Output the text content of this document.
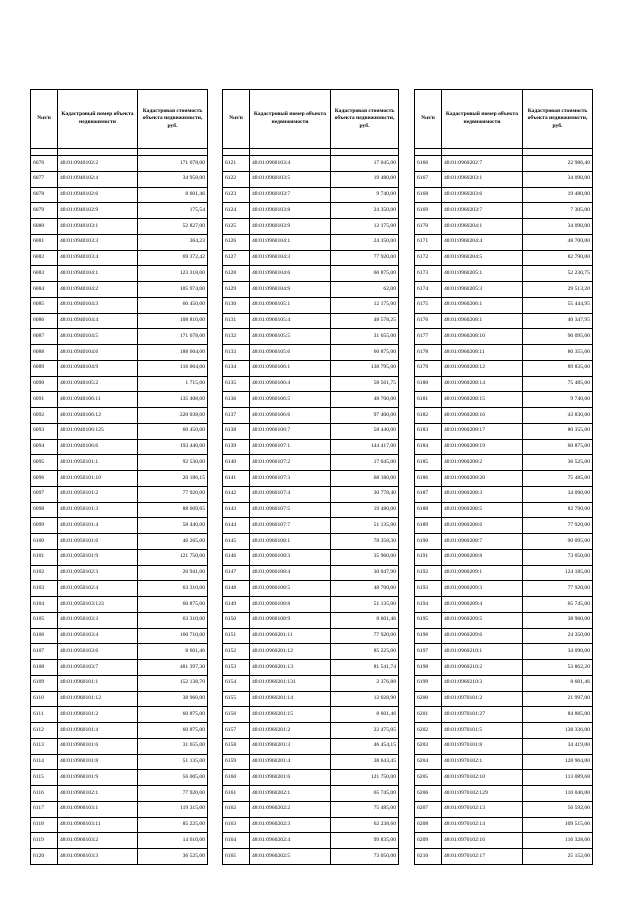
№п/п	Кадастровый номер объекта недвижимости	Кадастровая стоимость объекта недвижимости, руб.

6076	48:01:0940102:2	171 678,00
6077	48:01:0940102:4	34 958,00
6078	48:01:0940102:6	8 601,46
6079	48:01:0940102:9	175,54
6080	48:01:0940103:1	52 827,00
6081	48:01:0940103:3	364,23
6082	48:01:0940103:4	69 372,42
6083	48:01:0940104:1	123 318,00
6084	48:01:0940104:2	105 974,00
6085	48:01:0940104:3	60 450,00
6086	48:01:0940104:4	108 810,00
6087	48:01:0940104:5	171 678,00
6088	48:01:0940104:6	188 604,00
6089	48:01:0940104:9	116 064,00
6090	48:01:0940105:2	1 715,00
6091	48:01:0940106:11	135 408,00
6092	48:01:0940106:12	220 038,00
6093	48:01:0940106:125	60 450,00
6094	48:01:0940106:6	193 440,00
6095	48:01:0950101:1	92 530,00
6096	48:01:0950101:10	20 186,15
6097	48:01:0950101:2	77 920,00
6098	48:01:0950101:3	88 609,65
6099	48:01:0950101:4	58 440,00
6100	48:01:0950101:6	46 265,00
6101	48:01:0950101:9	121 750,00
6102	48:01:0950102:3	20 941,00
6103	48:01:0950102:4	63 310,00
6104	48:01:0950103:123	60 875,00
6105	48:01:0950103:3	63 310,00
6106	48:01:0950103:4	160 710,00
6107	48:01:0950103:6	8 601,46
6108	48:01:0950103:7	481 397,30
6109	48:01:0960101:1	152 138,70
6110	48:01:0960101:12	38 960,00
6111	48:01:0960101:2	60 875,00
6112	48:01:0960101:4	60 875,00
6113	48:01:0960101:6	31 655,00
6114	48:01:0960101:8	51 135,00
6115	48:01:0960101:9	56 005,00
6116	48:01:0960102:1	77 920,00
6117	48:01:0960103:1	119 315,00
6118	48:01:0960103:11	85 225,00
6119	48:01:0960103:2	14 610,00
6120	48:01:0960103:3	36 525,00
№п/п	Кадастровый номер объекта недвижимости	Кадастровая стоимость объекта недвижимости, руб.

6121	48:01:0960103:4	17 045,00
6122	48:01:0960103:5	19 480,00
6123	48:01:0960103:7	9 740,00
6124	48:01:0960103:8	24 350,00
6125	48:01:0960103:9	12 175,00
6126	48:01:0960104:1	24 350,00
6127	48:01:0960104:3	77 920,00
6128	48:01:0960104:6	60 875,00
6129	48:01:0960104:9	62,00
6130	48:01:0960105:1	12 175,00
6131	48:01:0960105:4	48 578,25
6132	48:01:0960105:5	31 655,00
6133	48:01:0960105:6	60 875,00
6134	48:01:0960106:1	138 795,00
6135	48:01:0960106:4	58 561,75
6136	48:01:0960106:5	48 700,00
6137	48:01:0960106:6	97 400,00
6138	48:01:0960106:7	58 440,00
6139	48:01:0960107:1	144 417,00
6140	48:01:0960107:2	17 045,00
6141	48:01:0960107:3	68 180,00
6142	48:01:0960107:4	30 778,40
6143	48:01:0960107:5	19 480,00
6144	48:01:0960107:7	51 135,00
6145	48:01:0960108:1	78 358,30
6146	48:01:0960108:3	35 960,00
6147	48:01:0960108:4	30 047,90
6148	48:01:0960108:5	48 700,00
6149	48:01:0960108:8	51 135,00
6150	48:01:0960108:9	8 601,46
6151	48:01:0960201:11	77 920,00
6152	48:01:0960201:12	85 225,00
6153	48:01:0960201:13	81 541,74
6154	48:01:0960201:131	2 376,88
6155	48:01:0960201:14	12 028,90
6156	48:01:0960201:15	8 601,46
6157	48:01:0960201:2	22 475,05
6158	48:01:0960201:3	46 454,15
6159	48:01:0960201:4	38 643,45
6160	48:01:0960201:6	121 750,00
6161	48:01:0960202:1	65 745,00
6162	48:01:0960202:2	75 485,00
6163	48:01:0960202:3	62 238,60
6164	48:01:0960202:4	99 835,00
6165	48:01:0960202:5	73 050,00
№п/п	Кадастровый номер объекта недвижимости	Кадастровая стоимость объекта недвижимости, руб.

6166	48:01:0960202:7	22 986,40
6167	48:01:0960203:1	34 090,00
6168	48:01:0960203:6	19 480,00
6169	48:01:0960203:7	7 305,00
6170	48:01:0960204:1	34 090,00
6171	48:01:0960204:4	48 700,00
6172	48:01:0960204:5	82 790,00
6173	48:01:0960205:1	52 230,75
6174	48:01:0960205:3	29 513,20
6175	48:01:0960206:1	55 444,95
6176	48:01:0960208:1	40 347,95
6177	48:01:0960208:10	90 095,00
6178	48:01:0960208:11	80 355,00
6179	48:01:0960208:12	89 835,00
6180	48:01:0960208:14	75 485,00
6181	48:01:0960208:15	9 740,00
6182	48:01:0960208:16	43 830,00
6183	48:01:0960208:17	80 355,00
6184	48:01:0960208:19	60 875,00
6185	48:01:0960208:2	36 525,00
6186	48:01:0960208:20	75 485,00
6187	48:01:0960208:3	34 090,00
6188	48:01:0960208:5	82 790,00
6189	48:01:0960208:6	77 920,00
6190	48:01:0960208:7	90 095,00
6191	48:01:0960208:8	73 050,00
6192	48:01:0960209:1	124 185,00
6193	48:01:0960209:3	77 920,00
6194	48:01:0960209:4	65 745,00
6195	48:01:0960209:5	38 960,00
6196	48:01:0960209:6	24 350,00
6197	48:01:0960210:1	34 090,00
6198	48:01:0960210:2	53 862,20
6199	48:01:0960210:3	8 601,46
6200	48:01:0970101:2	21 997,00
6201	48:01:0970101:27	84 885,00
6202	48:01:0970101:5	138 336,00
6203	48:01:0970101:8	34 419,00
6204	48:01:0970102:1	128 904,00
6205	48:01:0970102:10	113 089,68
6206	48:01:0970102:129	110 040,00
6207	48:01:0970102:13	56 592,00
6208	48:01:0970102:14	109 515,00
6209	48:01:0970102:16	116 328,00
6210	48:01:0970102:17	25 152,00
